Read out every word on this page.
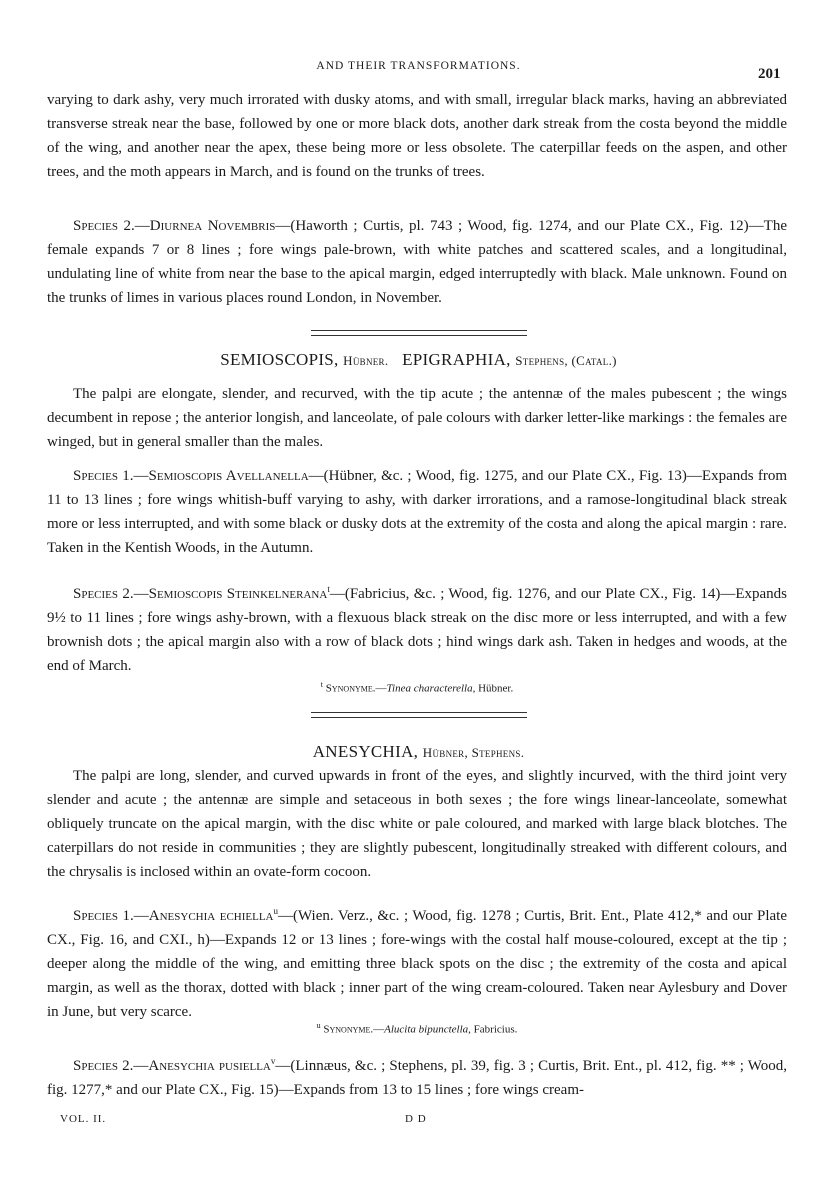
AND THEIR TRANSFORMATIONS.	201

varying to dark ashy, very much irrorated with dusky atoms, and with small, irregular black marks, having an abbreviated transverse streak near the base, followed by one or more black dots, another dark streak from the costa beyond the middle of the wing, and another near the apex, these being more or less obsolete. The caterpillar feeds on the aspen, and other trees, and the moth appears in March, and is found on the trunks of trees.

Species 2.—Diurnea Novembris—(Haworth ; Curtis, pl. 743 ; Wood, fig. 1274, and our Plate CX., Fig. 12)—The female expands 7 or 8 lines ; fore wings pale-brown, with white patches and scattered scales, and a longitudinal, undulating line of white from near the base to the apical margin, edged interruptedly with black. Male unknown. Found on the trunks of limes in various places round London, in November.

SEMIOSCOPIS, Hübner. EPIGRAPHIA, Stephens, (Catal.)

The palpi are elongate, slender, and recurved, with the tip acute ; the antennæ of the males pubescent ; the wings decumbent in repose ; the anterior longish, and lanceolate, of pale colours with darker letter-like markings : the females are winged, but in general smaller than the males.

Species 1.—Semioscopis Avellanella—(Hübner, &c. ; Wood, fig. 1275, and our Plate CX., Fig. 13)—Expands from 11 to 13 lines ; fore wings whitish-buff varying to ashy, with darker irrorations, and a ramose-longitudinal black streak more or less interrupted, and with some black or dusky dots at the extremity of the costa and along the apical margin : rare. Taken in the Kentish Woods, in the Autumn.

Species 2.—Semioscopis Steinkelnerana$^t$—(Fabricius, &c. ; Wood, fig. 1276, and our Plate CX., Fig. 14)—Expands 9½ to 11 lines ; fore wings ashy-brown, with a flexuous black streak on the disc more or less interrupted, and with a few brownish dots ; the apical margin also with a row of black dots ; hind wings dark ash. Taken in hedges and woods, at the end of March.

$^t$ Synonyme.—Tinea characterella, Hübner.
ANESYCHIA, Hübner, Stephens.

The palpi are long, slender, and curved upwards in front of the eyes, and slightly incurved, with the third joint very slender and acute ; the antennæ are simple and setaceous in both sexes ; the fore wings linear-lanceolate, somewhat obliquely truncate on the apical margin, with the disc white or pale coloured, and marked with large black blotches. The caterpillars do not reside in communities ; they are slightly pubescent, longitudinally streaked with different colours, and the chrysalis is inclosed within an ovate-form cocoon.

Species 1.—Anesychia echiella$^u$—(Wien. Verz., &c. ; Wood, fig. 1278 ; Curtis, Brit. Ent., Plate 412,* and our Plate CX., Fig. 16, and CXI., h)—Expands 12 or 13 lines ; fore-wings with the costal half mouse-coloured, except at the tip ; deeper along the middle of the wing, and emitting three black spots on the disc ; the extremity of the costa and apical margin, as well as the thorax, dotted with black ; inner part of the wing cream-coloured. Taken near Aylesbury and Dover in June, but very scarce.

$^u$ Synonyme.—Alucita bipunctella, Fabricius.

Species 2.—Anesychia pusiella$^v$—(Linnæus, &c. ; Stephens, pl. 39, fig. 3 ; Curtis, Brit. Ent., pl. 412, fig. ** ; Wood, fig. 1277,* and our Plate CX., Fig. 15)—Expands from 13 to 15 lines ; fore wings cream-

VOL. II.	D D
